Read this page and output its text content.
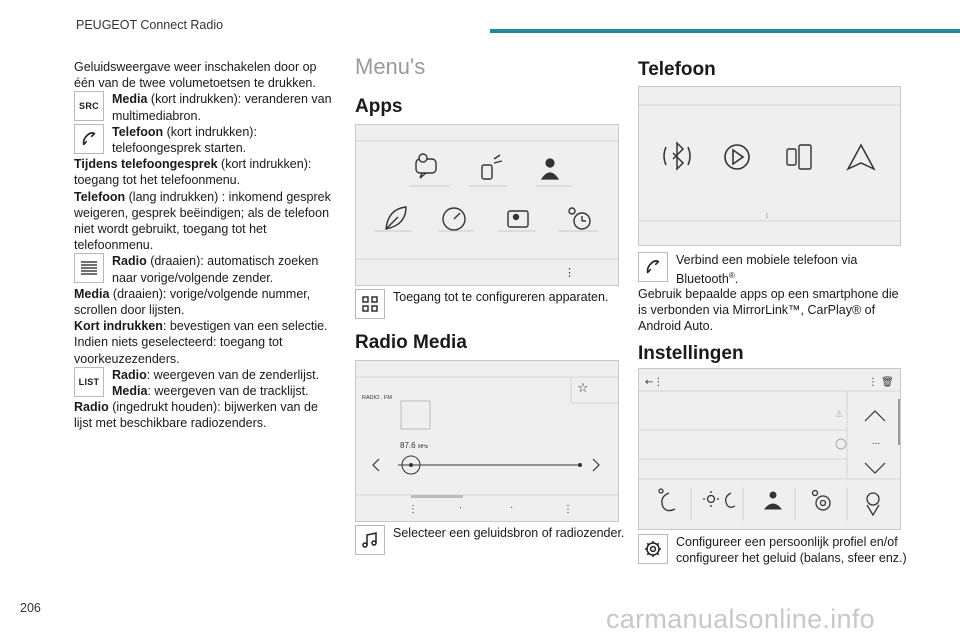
PEUGEOT Connect Radio

Geluidsweergave weer inschakelen door op één van de twee volumetoetsen te drukken.

SRC Media (kort indrukken): veranderen van multimediabron.
Telefoon (kort indrukken): telefoongesprek starten.

Tijdens telefoongesprek (kort indrukken): toegang tot het telefoonmenu.

Telefoon (lang indrukken) : inkomend gesprek weigeren, gesprek beëindigen; als de telefoon niet wordt gebruikt, toegang tot het telefoonmenu.

Radio (draaien): automatisch zoeken naar vorige/volgende zender.

Media (draaien): vorige/volgende nummer, scrollen door lijsten.

Kort indrukken: bevestigen van een selectie. Indien niets geselecteerd: toegang tot voorkeuzezenders.

LIST Radio: weergeven van de zenderlijst.
Media: weergeven van de tracklijst.

Radio (ingedrukt houden): bijwerken van de lijst met beschikbare radiozenders.

Menu's
Apps
⋮
Toegang tot te configureren apparaten.
Radio Media
☆
RADIO . FM
87.6 MHz
⋮	·	·	⋮
Selecteer een geluidsbron of radiozender.
Telefoon
ᛒ
Verbind een mobiele telefoon via Bluetooth®.
Gebruik bepaalde apps op een smartphone die is verbonden via MirrorLink™, CarPlay® of Android Auto.
Instellingen
←⋮	⋮ 🗑
...
⚠
Configureer een persoonlijk profiel en/of configureer het geluid (balans, sfeer enz.)
206	carmanualsonline.info
